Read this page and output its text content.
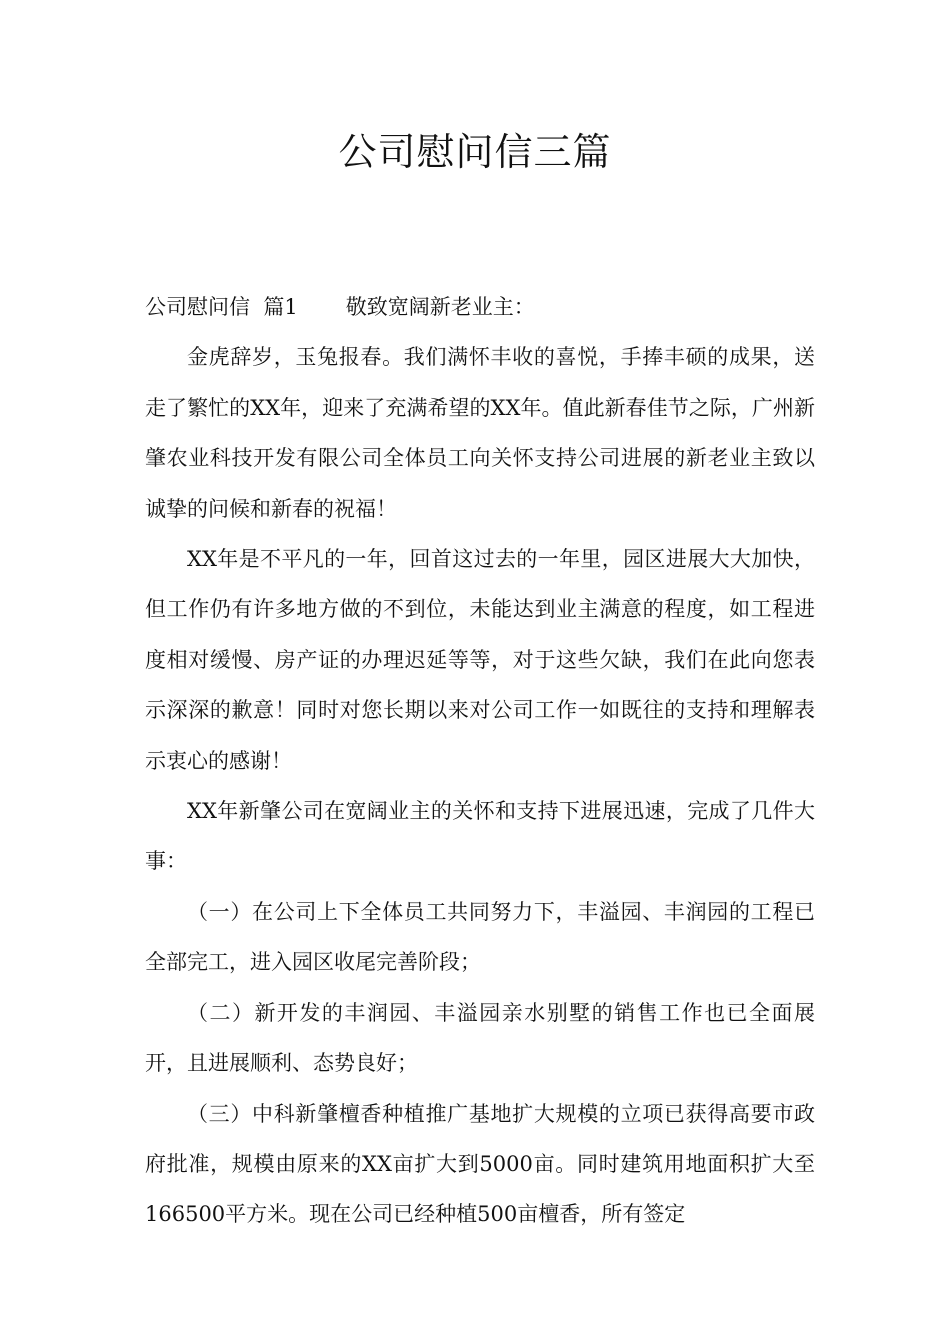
公司慰问信三篇

公司慰问信  篇1 敬致宽阔新老业主：

金虎辞岁，玉兔报春。我们满怀丰收的喜悦，手捧丰硕的成果，送走了繁忙的XX年，迎来了充满希望的XX年。值此新春佳节之际，广州新肇农业科技开发有限公司全体员工向关怀支持公司进展的新老业主致以诚挚的问候和新春的祝福！

XX年是不平凡的一年，回首这过去的一年里，园区进展大大加快，但工作仍有许多地方做的不到位，未能达到业主满意的程度，如工程进度相对缓慢、房产证的办理迟延等等，对于这些欠缺，我们在此向您表示深深的歉意！同时对您长期以来对公司工作一如既往的支持和理解表示衷心的感谢！

XX年新肇公司在宽阔业主的关怀和支持下进展迅速，完成了几件大事：

（一）在公司上下全体员工共同努力下，丰溢园、丰润园的工程已全部完工，进入园区收尾完善阶段；

（二）新开发的丰润园、丰溢园亲水别墅的销售工作也已全面展开，且进展顺利、态势良好；

（三）中科新肇檀香种植推广基地扩大规模的立项已获得高要市政府批准，规模由原来的XX亩扩大到5000亩。同时建筑用地面积扩大至166500平方米。现在公司已经种植500亩檀香，所有签定
